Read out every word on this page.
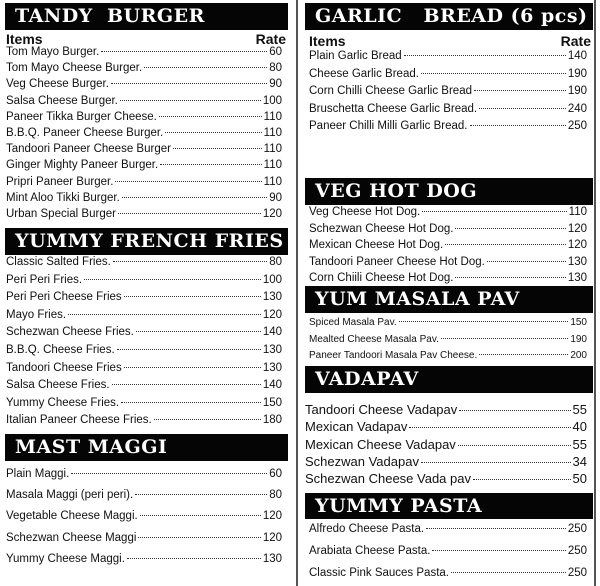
TANDY  BURGER
Items	Rate
Tom Mayo Burger.	60
Tom Mayo Cheese Burger.	80
Veg Cheese Burger.	90
Salsa Cheese Burger.	100
Paneer Tikka Burger Cheese.	110
B.B.Q. Paneer Cheese Burger.	110
Tandoori Paneer Cheese Burger	110
Ginger Mighty Paneer Burger.	110
Pripri Paneer Burger.	110
Mint Aloo Tikki Burger.	90
Urban Special Burger	120
YUMMY FRENCH FRIES
Classic Salted Fries.	80
Peri Peri Fries.	100
Peri Peri Cheese Fries	130
Mayo Fries.	120
Schezwan Cheese Fries.	140
B.B.Q. Cheese Fries.	130
Tandoori Cheese Fries	130
Salsa Cheese Fries.	140
Yummy Cheese Fries.	150
Italian Paneer Cheese Fries.	180
MAST MAGGI
Plain Maggi.	60
Masala Maggi (peri peri).	80
Vegetable Cheese Maggi.	120
Schezwan Cheese Maggi	120
Yummy Cheese Maggi.	130
GARLIC   BREAD (6 pcs)
Items	Rate
Plain Garlic Bread	140
Cheese Garlic Bread.	190
Corn Chilli Cheese Garlic Bread	190
Bruschetta Cheese Garlic Bread.	240
Paneer Chilli Milli Garlic Bread.	250
VEG HOT DOG
Veg Cheese Hot Dog.	110
Schezwan Cheese Hot Dog.	120
Mexican Cheese Hot Dog.	120
Tandoori Paneer Cheese Hot Dog.	130
Corn Chiili Cheese Hot Dog.	130
YUM MASALA PAV
Spiced Masala Pav.	150
Mealted Cheese Masala Pav.	190
Paneer Tandoori Masala Pav Cheese.	200
VADAPAV
Tandoori Cheese Vadapav	55
Mexican Vadapav	40
Mexican Cheese Vadapav	55
Schezwan Vadapav	34
Schezwan Cheese Vada pav	50
YUMMY PASTA
Alfredo Cheese Pasta.	250
Arabiata Cheese Pasta.	250
Classic Pink Sauces Pasta.	250
